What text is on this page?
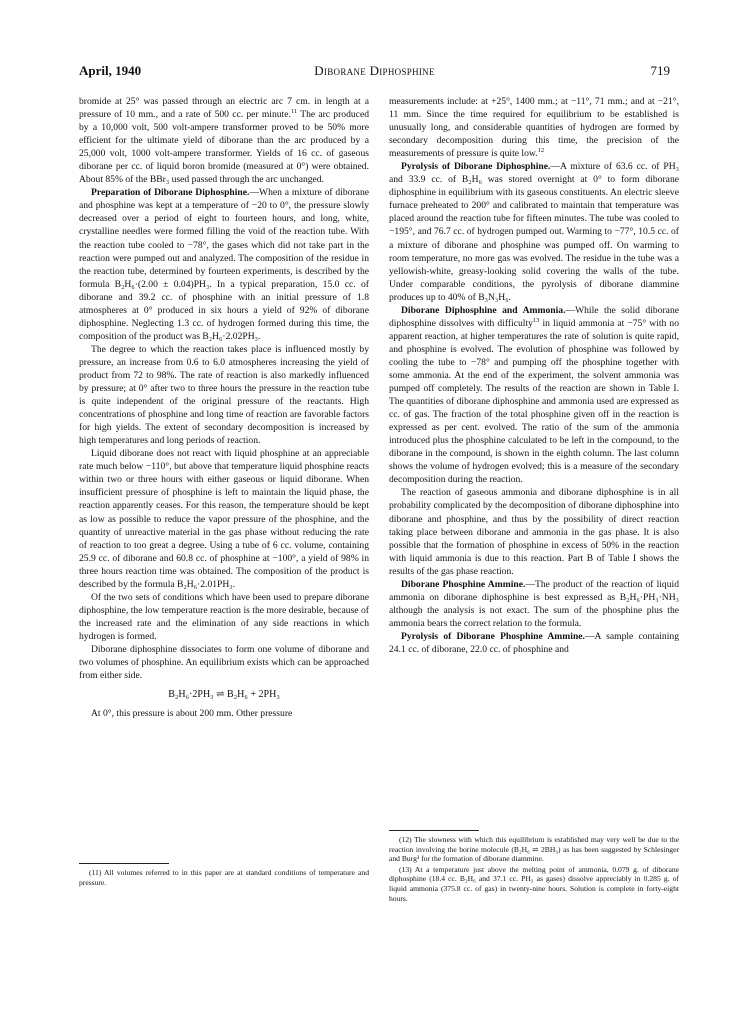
April, 1940	Diborane Diphosphine	719

bromide at 25° was passed through an electric arc 7 cm. in length at a pressure of 10 mm., and a rate of 500 cc. per minute.$^{11}$ The arc produced by a 10,000 volt, 500 volt-ampere transformer proved to be 50% more efficient for the ultimate yield of diborane than the arc produced by a 25,000 volt, 1000 volt-ampere transformer. Yields of 16 cc. of gaseous diborane per cc. of liquid boron bromide (measured at 0°) were obtained. About 85% of the BBr₃ used passed through the arc unchanged.

Preparation of Diborane Diphosphine.—When a mixture of diborane and phosphine was kept at a temperature of −20 to 0°, the pressure slowly decreased over a period of eight to fourteen hours, and long, white, crystalline needles were formed filling the void of the reaction tube. With the reaction tube cooled to −78°, the gases which did not take part in the reaction were pumped out and analyzed. The composition of the residue in the reaction tube, determined by fourteen experiments, is described by the formula B₂H₆·(2.00 ± 0.04)PH₃. In a typical preparation, 15.0 cc. of diborane and 39.2 cc. of phosphine with an initial pressure of 1.8 atmospheres at 0° produced in six hours a yield of 92% of diborane diphosphine. Neglecting 1.3 cc. of hydrogen formed during this time, the composition of the product was B₂H₆·2.02PH₃.

The degree to which the reaction takes place is influenced mostly by pressure, an increase from 0.6 to 6.0 atmospheres increasing the yield of product from 72 to 98%. The rate of reaction is also markedly influenced by pressure; at 0° after two to three hours the pressure in the reaction tube is quite independent of the original pressure of the reactants. High concentrations of phosphine and long time of reaction are favorable factors for high yields. The extent of secondary decomposition is increased by high temperatures and long periods of reaction.

Liquid diborane does not react with liquid phosphine at an appreciable rate much below −110°, but above that temperature liquid phosphine reacts within two or three hours with either gaseous or liquid diborane. When insufficient pressure of phosphine is left to maintain the liquid phase, the reaction apparently ceases. For this reason, the temperature should be kept as low as possible to reduce the vapor pressure of the phosphine, and the quantity of unreactive material in the gas phase without reducing the rate of reaction to too great a degree. Using a tube of 6 cc. volume, containing 25.9 cc. of diborane and 60.8 cc. of phosphine at −100°, a yield of 98% in three hours reaction time was obtained. The composition of the product is described by the formula B₂H₆·2.01PH₃.

Of the two sets of conditions which have been used to prepare diborane diphosphine, the low temperature reaction is the more desirable, because of the increased rate and the elimination of any side reactions in which hydrogen is formed.

Diborane diphosphine dissociates to form one volume of diborane and two volumes of phosphine. An equilibrium exists which can be approached from either side.

B₂H₆·2PH₃ ⇌ B₂H₆ + 2PH₃

At 0°, this pressure is about 200 mm. Other pressure

(11) All volumes referred to in this paper are at standard conditions of temperature and pressure.

measurements include: at +25°, 1400 mm.; at −11°, 71 mm.; and at −21°, 11 mm. Since the time required for equilibrium to be established is unusually long, and considerable quantities of hydrogen are formed by secondary decomposition during this time, the precision of the measurements of pressure is quite low.$^{12}$

Pyrolysis of Diborane Diphosphine.—A mixture of 63.6 cc. of PH₃ and 33.9 cc. of B₂H₆ was stored overnight at 0° to form diborane diphosphine in equilibrium with its gaseous constituents. An electric sleeve furnace preheated to 200° and calibrated to maintain that temperature was placed around the reaction tube for fifteen minutes. The tube was cooled to −195°, and 76.7 cc. of hydrogen pumped out. Warming to −77°, 10.5 cc. of a mixture of diborane and phosphine was pumped off. On warming to room temperature, no more gas was evolved. The residue in the tube was a yellowish-white, greasy-looking solid covering the walls of the tube. Under comparable conditions, the pyrolysis of diborane diammine produces up to 40% of B₃N₃H₆.

Diborane Diphosphine and Ammonia.—While the solid diborane diphosphine dissolves with difficulty$^{13}$ in liquid ammonia at −75° with no apparent reaction, at higher temperatures the rate of solution is quite rapid, and phosphine is evolved. The evolution of phosphine was followed by cooling the tube to −78° and pumping off the phosphine together with some ammonia. At the end of the experiment, the solvent ammonia was pumped off completely. The results of the reaction are shown in Table I. The quantities of diborane diphosphine and ammonia used are expressed as cc. of gas. The fraction of the total phosphine given off in the reaction is expressed as per cent. evolved. The ratio of the sum of the ammonia introduced plus the phosphine calculated to be left in the compound, to the diborane in the compound, is shown in the eighth column. The last column shows the volume of hydrogen evolved; this is a measure of the secondary decomposition during the reaction.

The reaction of gaseous ammonia and diborane diphosphine is in all probability complicated by the decomposition of diborane diphosphine into diborane and phosphine, and thus by the possibility of direct reaction taking place between diborane and ammonia in the gas phase. It is also possible that the formation of phosphine in excess of 50% in the reaction with liquid ammonia is due to this reaction. Part B of Table I shows the results of the gas phase reaction.

Diborane Phosphine Ammine.—The product of the reaction of liquid ammonia on diborane diphosphine is best expressed as B₂H₆·PH₃·NH₃ although the analysis is not exact. The sum of the phosphine plus the ammonia bears the correct relation to the formula.

Pyrolysis of Diborane Phosphine Ammine.—A sample containing 24.1 cc. of diborane, 22.0 cc. of phosphine and

(12) The slowness with which this equilibrium is established may very well be due to the reaction involving the borine molecule (B₂H₆ ⇌ 2BH₃) as has been suggested by Schlesinger and Burg³ for the formation of diborane diammine.

(13) At a temperature just above the melting point of ammonia, 0.079 g. of diborane diphosphine (18.4 cc. B₂H₆ and 37.1 cc. PH₃ as gases) dissolve appreciably in 0.285 g. of liquid ammonia (375.8 cc. of gas) in twenty-nine hours. Solution is complete in forty-eight hours.
